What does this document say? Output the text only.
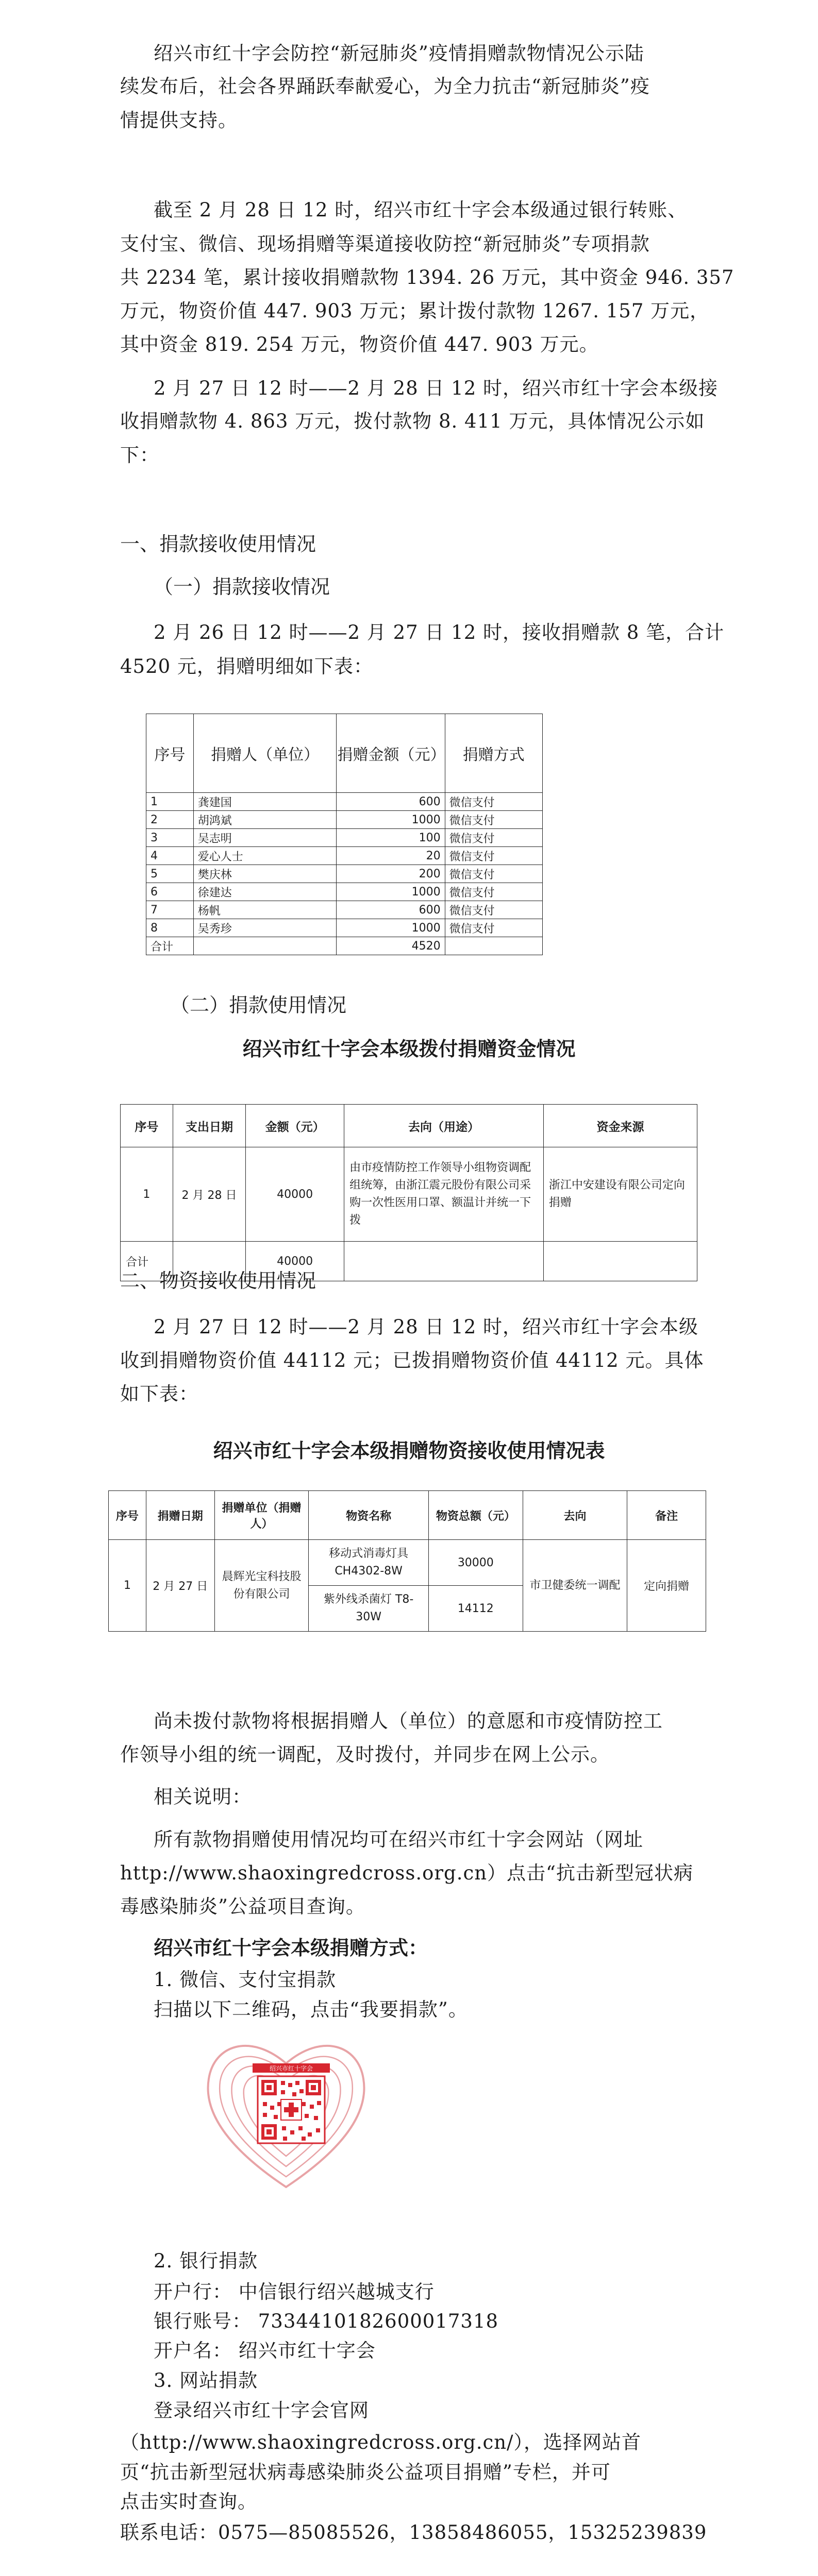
绍兴市红十字会防控“新冠肺炎”疫情捐赠款物情况公示陆
续发布后，社会各界踊跃奉献爱心，为全力抗击“新冠肺炎”疫
情提供支持。
截至 2 月 28 日 12 时，绍兴市红十字会本级通过银行转账、
支付宝、微信、现场捐赠等渠道接收防控“新冠肺炎”专项捐款
共 2234 笔，累计接收捐赠款物 1394. 26 万元，其中资金 946. 357
万元，物资价值 447. 903 万元；累计拨付款物 1267. 157 万元，
其中资金 819. 254 万元，物资价值 447. 903 万元。
2 月 27 日 12 时——2 月 28 日 12 时，绍兴市红十字会本级接
收捐赠款物 4. 863 万元，拨付款物 8. 411 万元，具体情况公示如
下：
一、捐款接收使用情况
（一）捐款接收情况
2 月 26 日 12 时——2 月 27 日 12 时，接收捐赠款 8 笔，合计
4520 元，捐赠明细如下表：
序号	捐赠人（单位）	捐赠金额（元）	捐赠方式
1	龚建国	600	微信支付
2	胡鸿斌	1000	微信支付
3	吴志明	100	微信支付
4	爱心人士	20	微信支付
5	樊庆林	200	微信支付
6	徐建达	1000	微信支付
7	杨帆	600	微信支付
8	吴秀珍	1000	微信支付
合计		4520	
（二）捐款使用情况
绍兴市红十字会本级拨付捐赠资金情况
序号	支出日期	金额（元）	去向（用途）	资金来源
1	2 月 28 日	40000	由市疫情防控工作领导小组物资调配组统筹，由浙江震元股份有限公司采购一次性医用口罩、额温计并统一下拨	浙江中安建设有限公司定向捐赠
合计		40000		
二、物资接收使用情况
2 月 27 日 12 时——2 月 28 日 12 时，绍兴市红十字会本级
收到捐赠物资价值 44112 元；已拨捐赠物资价值 44112 元。具体
如下表：
绍兴市红十字会本级捐赠物资接收使用情况表
序号	捐赠日期	捐赠单位（捐赠人）	物资名称	物资总额（元）	去向	备注
1	2 月 27 日	晨辉光宝科技股份有限公司	移动式消毒灯具 CH4302-8W	30000	市卫健委统一调配	定向捐赠
			紫外线杀菌灯 T8-30W	14112		
尚未拨付款物将根据捐赠人（单位）的意愿和市疫情防控工
作领导小组的统一调配，及时拨付，并同步在网上公示。
相关说明：
所有款物捐赠使用情况均可在绍兴市红十字会网站（网址
http://www.shaoxingredcross.org.cn）点击“抗击新型冠状病
毒感染肺炎”公益项目查询。
绍兴市红十字会本级捐赠方式：
1. 微信、支付宝捐款
扫描以下二维码，点击“我要捐款”。
绍兴市红十字会
2. 银行捐款
开户行： 中信银行绍兴越城支行
银行账号： 7334410182600017318
开户名： 绍兴市红十字会
3. 网站捐款
登录绍兴市红十字会官网
（http://www.shaoxingredcross.org.cn/），选择网站首
页“抗击新型冠状病毒感染肺炎公益项目捐赠”专栏，并可
点击实时查询。
联系电话：0575—85085526，13858486055，15325239839
